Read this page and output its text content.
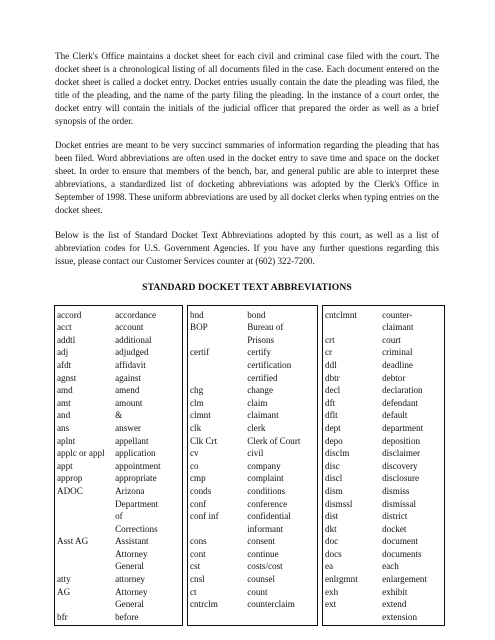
The Clerk's Office maintains a docket sheet for each civil and criminal case filed with the court. The docket sheet is a chronological listing of all documents filed in the case. Each document entered on the docket sheet is called a docket entry. Docket entries usually contain the date the pleading was filed, the title of the pleading, and the name of the party filing the pleading. In the instance of a court order, the docket entry will contain the initials of the judicial officer that prepared the order as well as a brief synopsis of the order.

Docket entries are meant to be very succinct summaries of information regarding the pleading that has been filed. Word abbreviations are often used in the docket entry to save time and space on the docket sheet. In order to ensure that members of the bench, bar, and general public are able to interpret these abbreviations, a standardized list of docketing abbreviations was adopted by the Clerk's Office in September of 1998. These uniform abbreviations are used by all docket clerks when typing entries on the docket sheet.

Below is the list of Standard Docket Text Abbreviations adopted by this court, as well as a list of abbreviation codes for U.S. Government Agencies. If you have any further questions regarding this issue, please contact our Customer Services counter at (602) 322-7200.

STANDARD DOCKET TEXT ABBREVIATIONS
accord	accordance
acct	account
addtl	additional
adj	adjudged
afdt	affidavit
agnst	against
amd	amend
amt	amount
and	&
ans	answer
aplnt	appellant
applc or appl	application
appt	appointment
approp	appropriate
ADOC	Arizona

Department

of

Corrections
Asst AG	Assistant

Attorney

General
atty	attorney
AG	Attorney

General
bfr	before
bnd	bond
BOP	Bureau of

Prisons
certif	certify

certification

certified
chg	change
clm	claim
clmnt	claimant
clk	clerk
Clk Crt	Clerk of Court
cv	civil
co	company
cmp	complaint
conds	conditions
conf	conference
conf inf	confidential

informant
cons	consent
cont	continue
cst	costs/cost
cnsl	counsel
ct	count
cntrclm	counterclaim

cntclmnt	counter-

claimant
crt	court
cr	criminal
ddl	deadline
dbtr	debtor
decl	declaration
dft	defendant
dflt	default
dept	department
depo	deposition
disclm	disclaimer
disc	discovery
discl	disclosure
dism	dismiss
dismssl	dismissal
dist	district
dkt	docket
doc	document
docs	documents
ea	each
enlrgmnt	enlargement
exh	exhibit
ext	extend

extension
